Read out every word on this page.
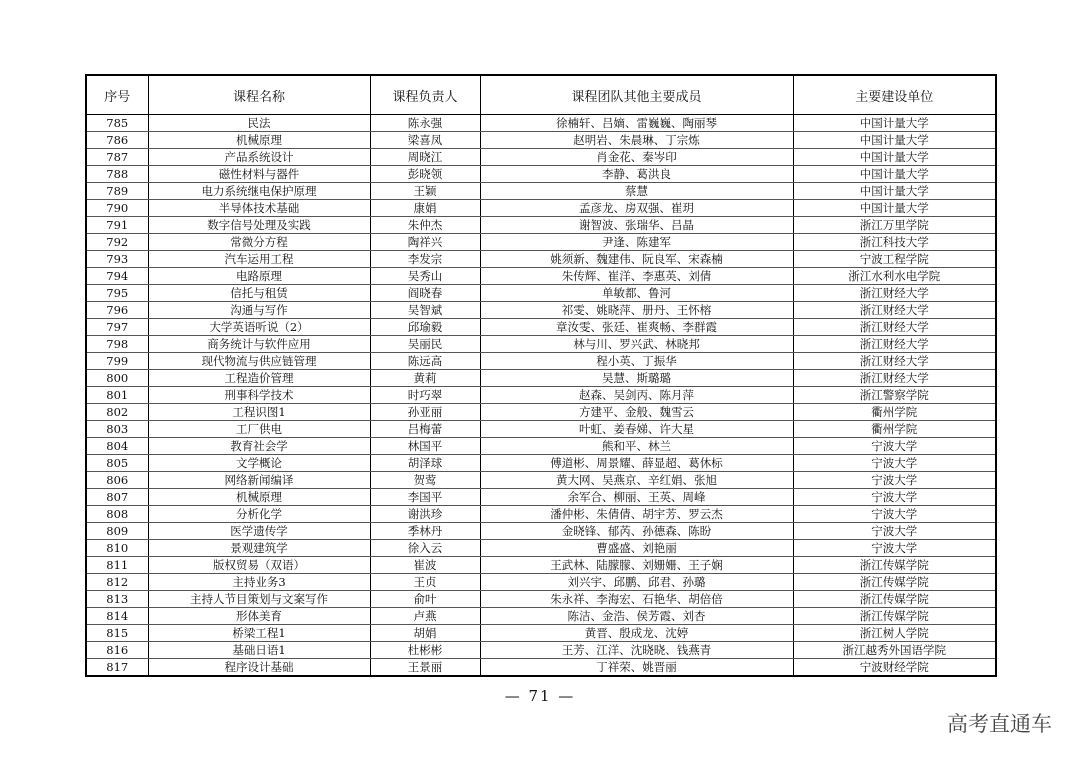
序号	课程名称	课程负责人	课程团队其他主要成员	主要建设单位
785	民法	陈永强	徐楠轩、吕嫡、雷巍巍、陶丽琴	中国计量大学
786	机械原理	梁喜凤	赵明岩、朱晨琳、丁宗炼	中国计量大学
787	产品系统设计	周晓江	肖金花、秦岑印	中国计量大学
788	磁性材料与器件	彭晓领	李静、葛洪良	中国计量大学
789	电力系统继电保护原理	王颖	蔡慧	中国计量大学
790	半导体技术基础	康娟	孟彦龙、房双强、崔玥	中国计量大学
791	数字信号处理及实践	朱仲杰	谢智波、张瑞华、吕晶	浙江万里学院
792	常微分方程	陶祥兴	尹逢、陈建军	浙江科技大学
793	汽车运用工程	李发宗	姚须新、魏建伟、阮良军、宋森楠	宁波工程学院
794	电路原理	吴秀山	朱传辉、崔洋、李惠英、刘倩	浙江水利水电学院
795	信托与租赁	阎晓春	单敏都、鲁河	浙江财经大学
796	沟通与写作	吴智斌	祁雯、姚晓萍、册丹、王怀榕	浙江财经大学
797	大学英语听说（2）	邱瑜毅	章汝雯、张廷、崔爽畅、李群霞	浙江财经大学
798	商务统计与软件应用	吴丽民	林与川、罗兴武、林晓邦	浙江财经大学
799	现代物流与供应链管理	陈远高	程小英、丁振华	浙江财经大学
800	工程造价管理	黄莉	吴慧、斯璐璐	浙江财经大学
801	刑事科学技术	时巧翠	赵森、吴剑丙、陈月萍	浙江警察学院
802	工程识图1	孙亚丽	方建平、金般、魏雪云	衢州学院
803	工厂供电	吕梅蕾	叶虹、姜春娣、许大星	衢州学院
804	教育社会学	林国平	熊和平、林兰	宁波大学
805	文学概论	胡泽球	傅道彬、周景耀、薛显超、葛休标	宁波大学
806	网络新闻编译	贺莺	黄大网、吴燕京、辛红娟、张旭	宁波大学
807	机械原理	李国平	余军合、柳丽、王英、周峰	宁波大学
808	分析化学	谢洪珍	潘仲彬、朱倩倩、胡宇芳、罗云杰	宁波大学
809	医学遗传学	季林丹	金晓锋、郁芮、孙德森、陈盼	宁波大学
810	景观建筑学	徐入云	曹盛盛、刘艳丽	宁波大学
811	版权贸易（双语）	崔波	王武林、陆朦朦、刘姗姗、王子娴	浙江传媒学院
812	主持业务3	王贞	刘兴宇、邱鹏、邱君、孙璐	浙江传媒学院
813	主持人节目策划与文案写作	俞叶	朱永祥、李海宏、石艳华、胡倍倍	浙江传媒学院
814	形体美育	卢燕	陈洁、金浩、侯芳霞、刘杏	浙江传媒学院
815	桥梁工程1	胡娟	黄晋、殷成龙、沈婷	浙江树人学院
816	基础日语1	杜彬彬	王芳、江洋、沈晓晓、钱燕青	浙江越秀外国语学院
817	程序设计基础	王景丽	丁祥荣、姚晋丽	宁波财经学院
— 71 —
高考直通车
